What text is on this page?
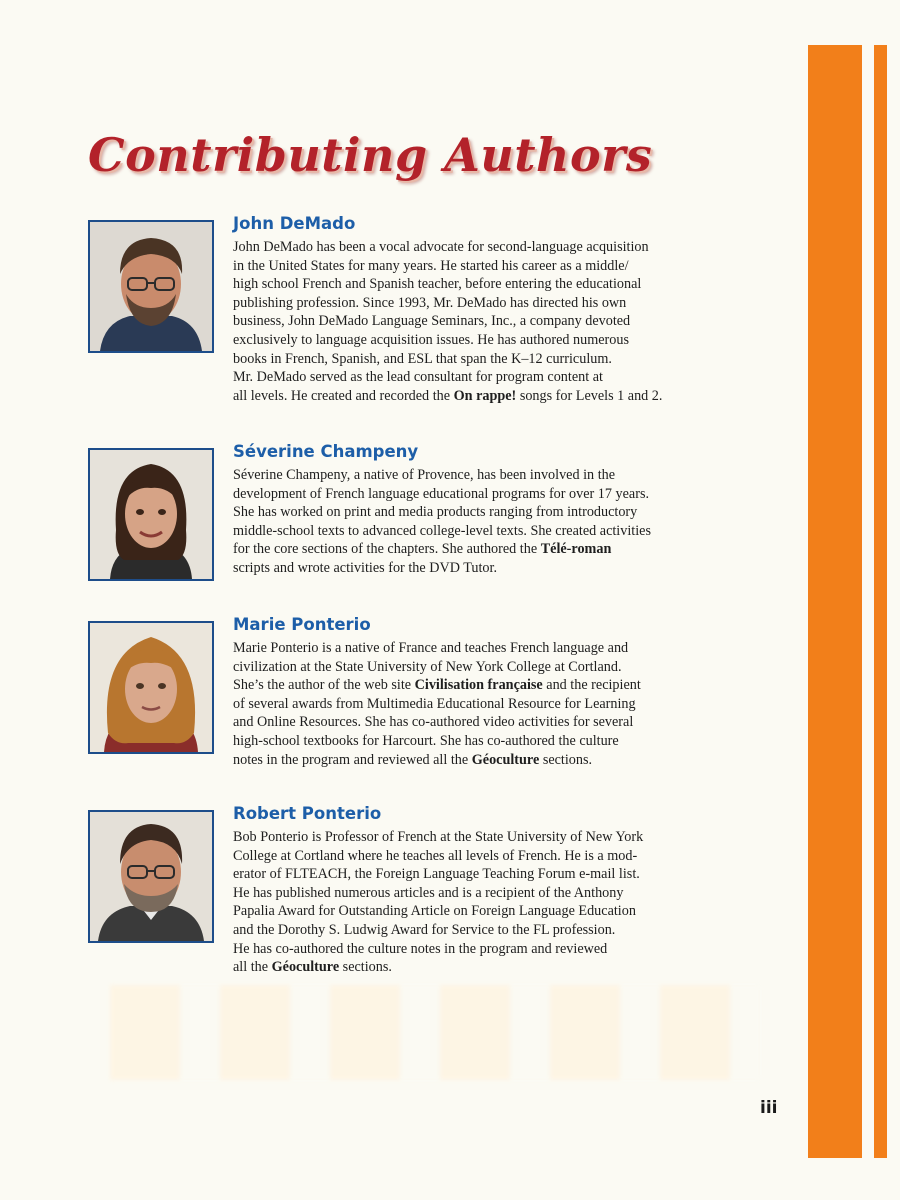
Contributing Authors
John DeMado
John DeMado has been a vocal advocate for second-language acquisition
in the United States for many years. He started his career as a middle/
high school French and Spanish teacher, before entering the educational
publishing profession. Since 1993, Mr. DeMado has directed his own
business, John DeMado Language Seminars, Inc., a company devoted
exclusively to language acquisition issues. He has authored numerous
books in French, Spanish, and ESL that span the K–12 curriculum.
Mr. DeMado served as the lead consultant for program content at
all levels. He created and recorded the On rappe! songs for Levels 1 and 2.
Séverine Champeny
Séverine Champeny, a native of Provence, has been involved in the
development of French language educational programs for over 17 years.
She has worked on print and media products ranging from introductory
middle-school texts to advanced college-level texts. She created activities
for the core sections of the chapters. She authored the Télé-roman
scripts and wrote activities for the DVD Tutor.
Marie Ponterio
Marie Ponterio is a native of France and teaches French language and
civilization at the State University of New York College at Cortland.
She’s the author of the web site Civilisation française and the recipient
of several awards from Multimedia Educational Resource for Learning
and Online Resources. She has co-authored video activities for several
high-school textbooks for Harcourt. She has co-authored the culture
notes in the program and reviewed all the Géoculture sections.
Robert Ponterio
Bob Ponterio is Professor of French at the State University of New York
College at Cortland where he teaches all levels of French. He is a mod-
erator of FLTEACH, the Foreign Language Teaching Forum e-mail list.
He has published numerous articles and is a recipient of the Anthony
Papalia Award for Outstanding Article on Foreign Language Education
and the Dorothy S. Ludwig Award for Service to the FL profession.
He has co-authored the culture notes in the program and reviewed
all the Géoculture sections.
iii
